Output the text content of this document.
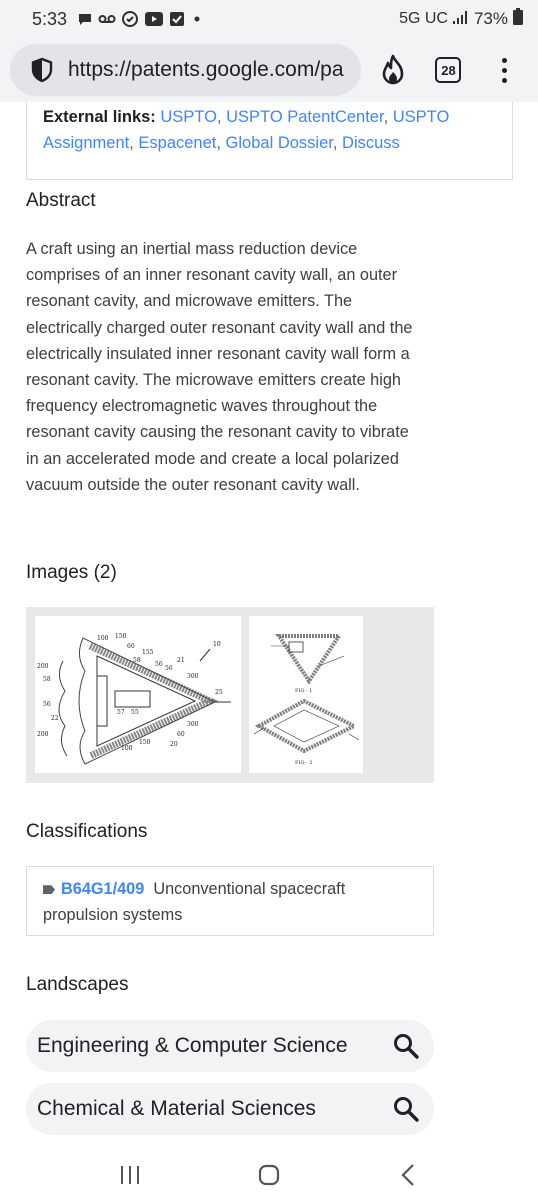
5:33	5G UC 73%
https://patents.google.com/pa	28
External links: USPTO, USPTO PatentCenter, USPTO Assignment, Espacenet, Global Dossier, Discuss
Abstract

A craft using an inertial mass reduction device comprises of an inner resonant cavity wall, an outer resonant cavity, and microwave emitters. The electrically charged outer resonant cavity wall and the electrically insulated inner resonant cavity wall form a resonant cavity. The microwave emitters create high frequency electromagnetic waves throughout the resonant cavity causing the resonant cavity to vibrate in an accelerated mode and create a local polarized vacuum outside the outer resonant cavity wall.

Images (2)
100 150 60 155 58 56 56 21 10 200 300 25 58 56 22 57 55 300 200	60 150	20 100
FIG - 1
FIG - 2
Classifications
B64G1/409 Unconventional spacecraft propulsion systems
Landscapes
Engineering & Computer Science
Chemical & Material Sciences
